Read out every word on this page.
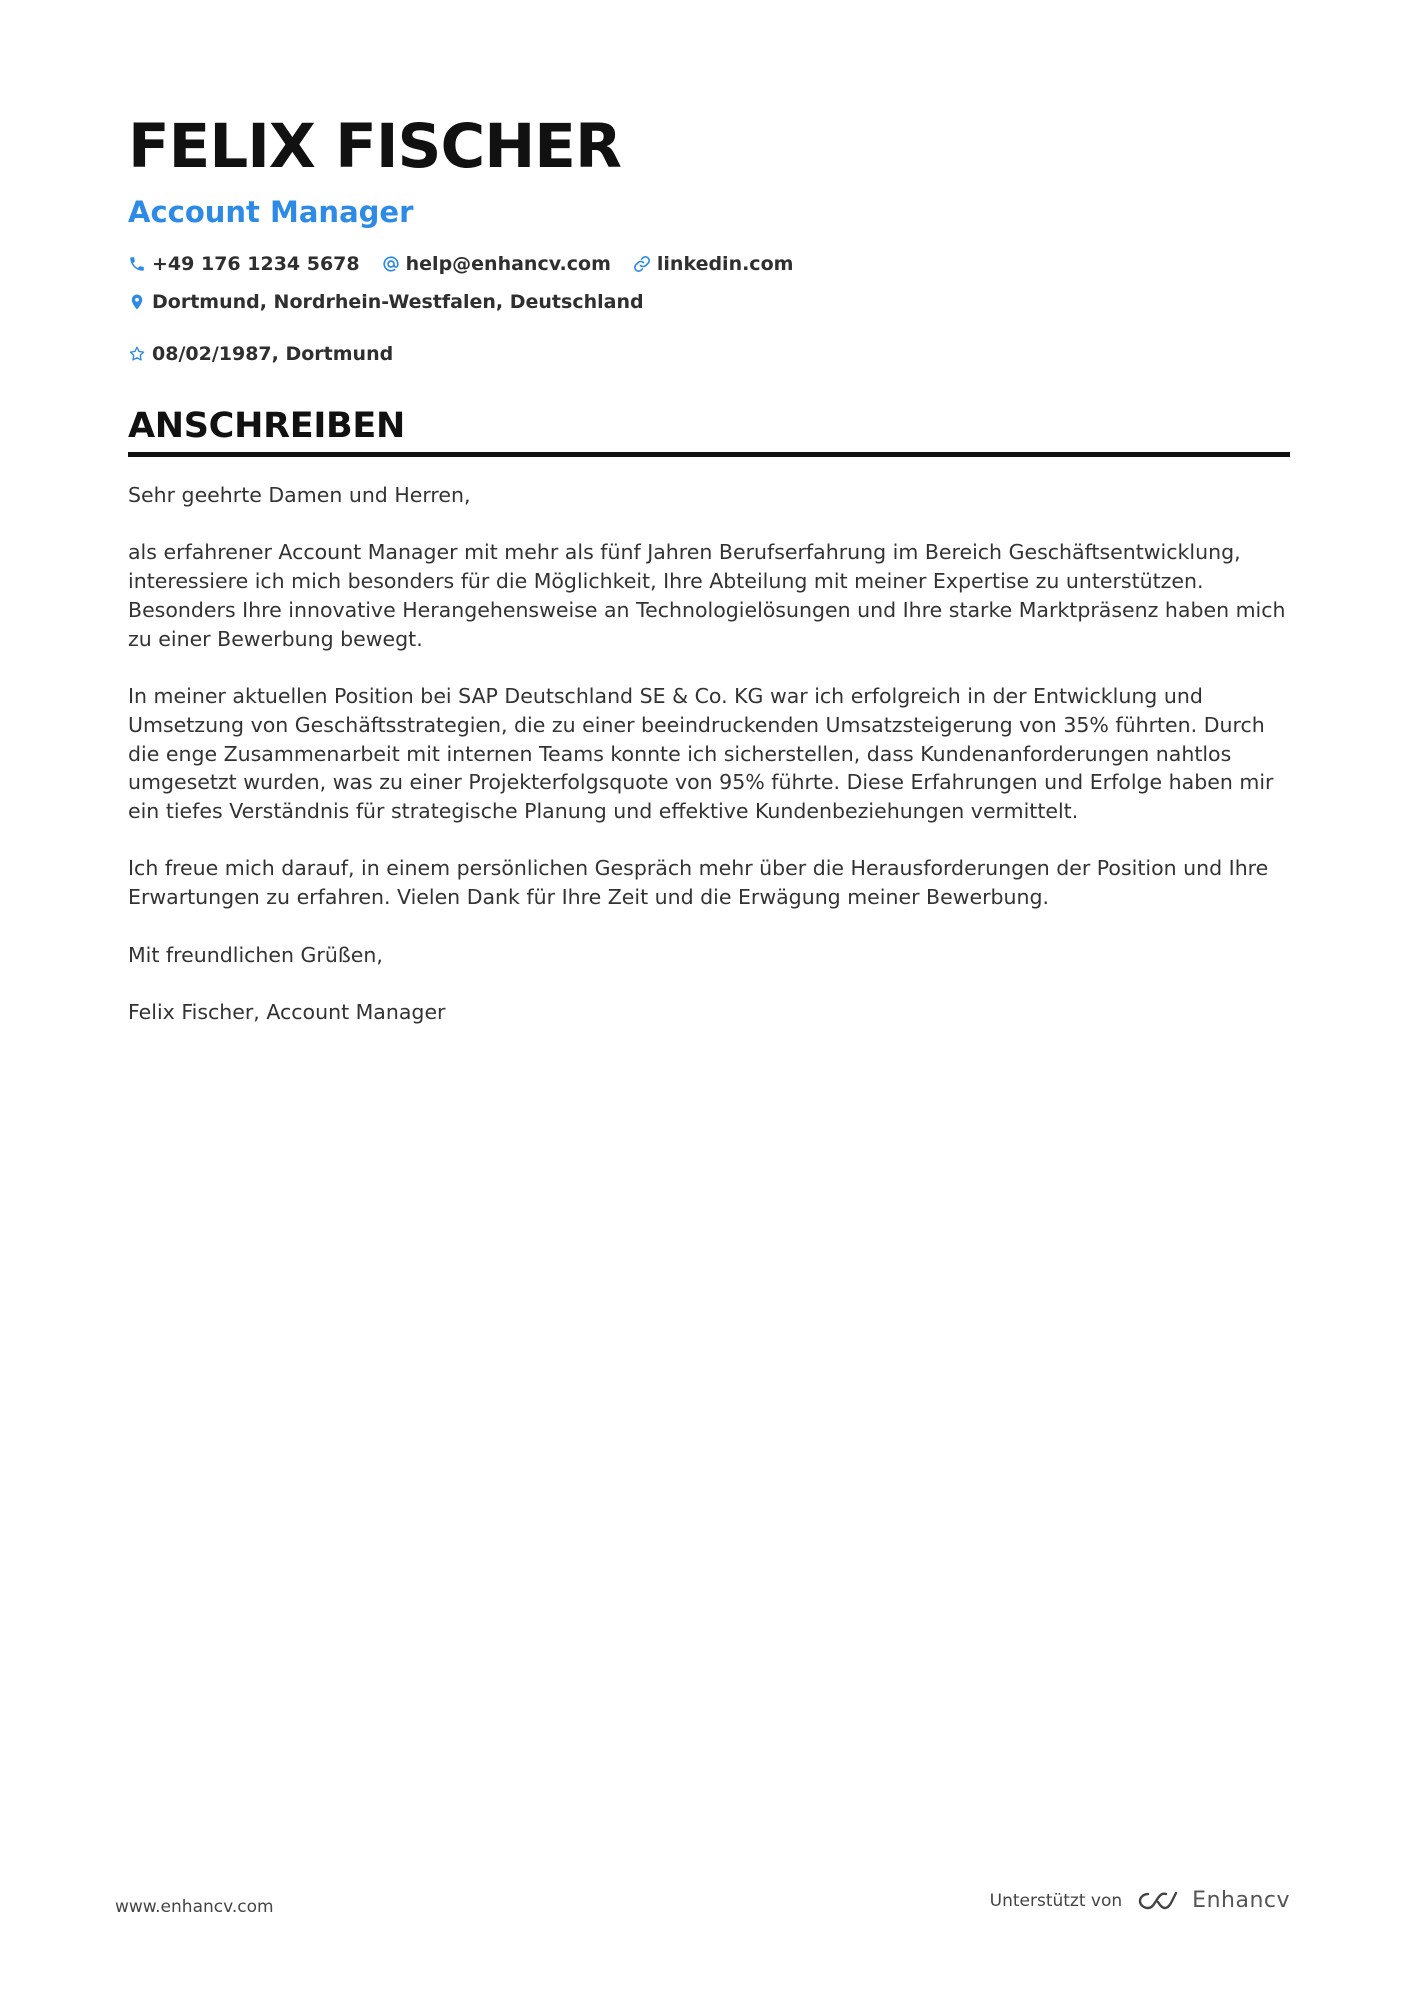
FELIX FISCHER
Account Manager
+49 176 1234 5678 help@enhancv.com linkedin.com
Dortmund, Nordrhein-Westfalen, Deutschland
08/02/1987, Dortmund
ANSCHREIBEN

Sehr geehrte Damen und Herren,

als erfahrener Account Manager mit mehr als fünf Jahren Berufserfahrung im Bereich Geschäftsentwicklung, interessiere ich mich besonders für die Möglichkeit, Ihre Abteilung mit meiner Expertise zu unterstützen. Besonders Ihre innovative Herangehensweise an Technologielösungen und Ihre starke Marktpräsenz haben mich zu einer Bewerbung bewegt.

In meiner aktuellen Position bei SAP Deutschland SE & Co. KG war ich erfolgreich in der Entwicklung und Umsetzung von Geschäftsstrategien, die zu einer beeindruckenden Umsatzsteigerung von 35% führten. Durch die enge Zusammenarbeit mit internen Teams konnte ich sicherstellen, dass Kundenanforderungen nahtlos umgesetzt wurden, was zu einer Projekterfolgsquote von 95% führte. Diese Erfahrungen und Erfolge haben mir ein tiefes Verständnis für strategische Planung und effektive Kundenbeziehungen vermittelt.

Ich freue mich darauf, in einem persönlichen Gespräch mehr über die Herausforderungen der Position und Ihre Erwartungen zu erfahren. Vielen Dank für Ihre Zeit und die Erwägung meiner Bewerbung.

Mit freundlichen Grüßen,

Felix Fischer, Account Manager

www.enhancv.com	Unterstützt von	Enhancv
